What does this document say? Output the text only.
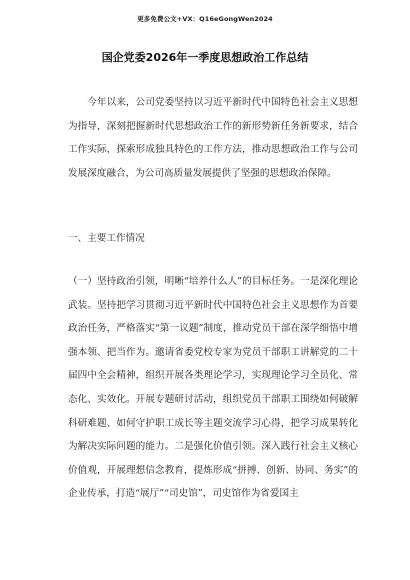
更多免费公文+VX：Q16eGongWen2024
国企党委2026年一季度思想政治工作总结

今年以来，公司党委坚持以习近平新时代中国特色社会主义思想为指导，深刻把握新时代思想政治工作的新形势新任务新要求，结合工作实际，探索形成独具特色的工作方法，推动思想政治工作与公司发展深度融合，为公司高质量发展提供了坚强的思想政治保障。

一、主要工作情况

（一）坚持政治引领，明晰“培养什么人”的目标任务。一是深化理论武装。坚持把学习贯彻习近平新时代中国特色社会主义思想作为首要政治任务，严格落实“第一议题”制度，推动党员干部在深学细悟中增强本领、把当作为。邀请省委党校专家为党员干部职工讲解党的二十届四中全会精神，组织开展各类理论学习，实现理论学习全员化、常态化、实效化。开展专题研讨活动，组织党员干部职工围绕如何破解科研难题、如何守护职工成长等主题交流学习心得，把学习成果转化为解决实际问题的能力。二是强化价值引领。深入践行社会主义核心价值观，开展理想信念教育，提炼形成“拼搏、创新、协同、务实”的企业传承，打造“展厅”“司史馆”，司史馆作为省爱国主
